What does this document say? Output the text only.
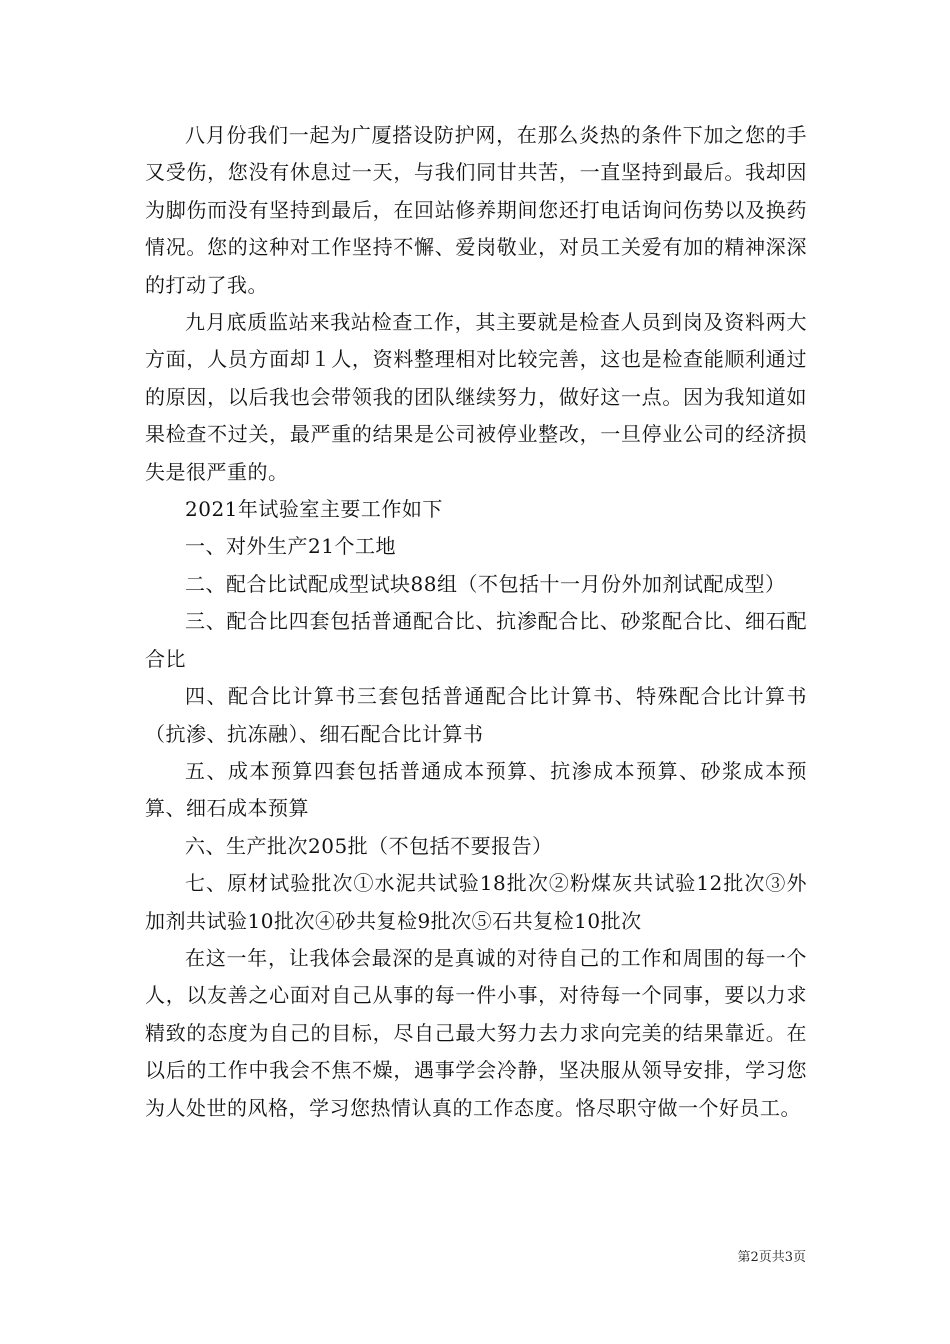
八月份我们一起为广厦搭设防护网，在那么炎热的条件下加之您的手又受伤，您没有休息过一天，与我们同甘共苦，一直坚持到最后。我却因为脚伤而没有坚持到最后，在回站修养期间您还打电话询问伤势以及换药情况。您的这种对工作坚持不懈、爱岗敬业，对员工关爱有加的精神深深的打动了我。

九月底质监站来我站检查工作，其主要就是检查人员到岗及资料两大方面，人员方面却１人，资料整理相对比较完善，这也是检查能顺利通过的原因，以后我也会带领我的团队继续努力，做好这一点。因为我知道如果检查不过关，最严重的结果是公司被停业整改，一旦停业公司的经济损失是很严重的。

2021年试验室主要工作如下

一、对外生产21个工地

二、配合比试配成型试块88组（不包括十一月份外加剂试配成型）

三、配合比四套包括普通配合比、抗渗配合比、砂浆配合比、细石配合比

四、配合比计算书三套包括普通配合比计算书、特殊配合比计算书（抗渗、抗冻融）、细石配合比计算书

五、成本预算四套包括普通成本预算、抗渗成本预算、砂浆成本预算、细石成本预算

六、生产批次205批（不包括不要报告）

七、原材试验批次①水泥共试验18批次②粉煤灰共试验12批次③外加剂共试验10批次④砂共复检9批次⑤石共复检10批次

在这一年，让我体会最深的是真诚的对待自己的工作和周围的每一个人，以友善之心面对自己从事的每一件小事，对待每一个同事，要以力求精致的态度为自己的目标，尽自己最大努力去力求向完美的结果靠近。在以后的工作中我会不焦不燥，遇事学会冷静，坚决服从领导安排，学习您为人处世的风格，学习您热情认真的工作态度。恪尽职守做一个好员工。

第2页共3页
